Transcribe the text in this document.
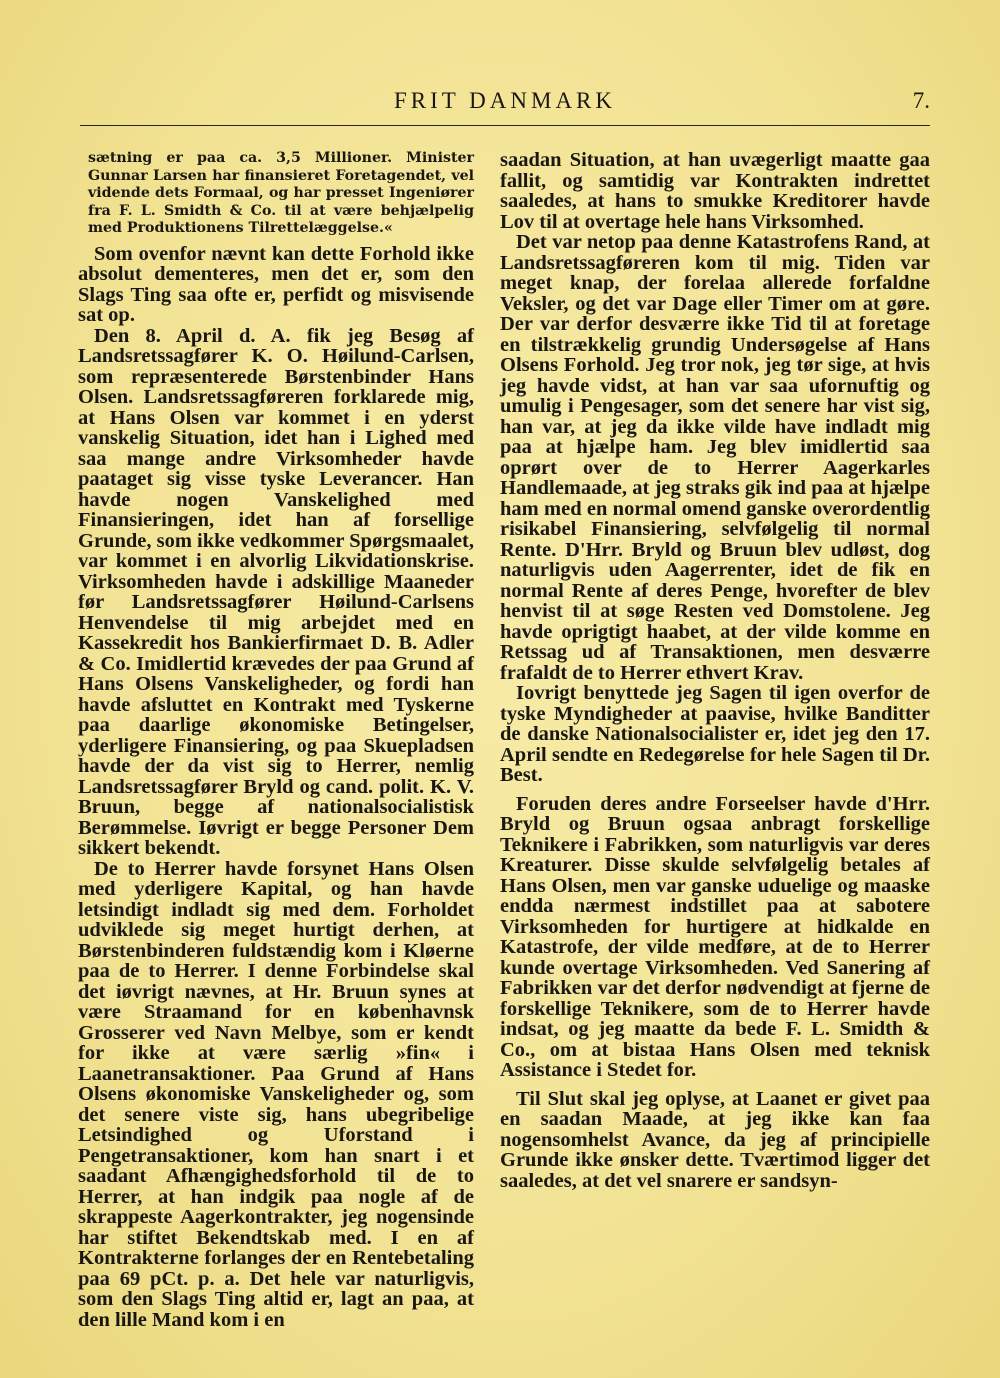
FRIT DANMARK	7.
sætning er paa ca. 3,5 Millioner. Minister Gunnar Larsen har finansieret Foretagendet, vel vidende dets Formaal, og har presset Ingeniører fra F. L. Smidth & Co. til at være behjælpelig med Produktionens Tilrettelæggelse.«

Som ovenfor nævnt kan dette Forhold ikke absolut dementeres, men det er, som den Slags Ting saa ofte er, perfidt og misvisende sat op.

Den 8. April d. A. fik jeg Besøg af Landsretssagfører K. O. Høilund-Carlsen, som repræsenterede Børstenbinder Hans Olsen. Landsretssagføreren forklarede mig, at Hans Olsen var kommet i en yderst vanskelig Situation, idet han i Lighed med saa mange andre Virksomheder havde paataget sig visse tyske Leverancer. Han havde nogen Vanskelighed med Finansieringen, idet han af forsellige Grunde, som ikke vedkommer Spørgsmaalet, var kommet i en alvorlig Likvidationskrise. Virksomheden havde i adskillige Maaneder før Landsretssagfører Høilund-Carlsens Henvendelse til mig arbejdet med en Kassekredit hos Bankierfirmaet D. B. Adler & Co. Imidlertid krævedes der paa Grund af Hans Olsens Vanskeligheder, og fordi han havde afsluttet en Kontrakt med Tyskerne paa daarlige økonomiske Betingelser, yderligere Finansiering, og paa Skuepladsen havde der da vist sig to Herrer, nemlig Landsretssagfører Bryld og cand. polit. K. V. Bruun, begge af nationalsocialistisk Berømmelse. Iøvrigt er begge Personer Dem sikkert bekendt.

De to Herrer havde forsynet Hans Olsen med yderligere Kapital, og han havde letsindigt indladt sig med dem. Forholdet udviklede sig meget hurtigt derhen, at Børstenbinderen fuldstændig kom i Kløerne paa de to Herrer. I denne Forbindelse skal det iøvrigt nævnes, at Hr. Bruun synes at være Straamand for en københavnsk Grosserer ved Navn Melbye, som er kendt for ikke at være særlig »fin« i Laanetransaktioner. Paa Grund af Hans Olsens økonomiske Vanskeligheder og, som det senere viste sig, hans ubegribelige Letsindighed og Uforstand i Pengetransaktioner, kom han snart i et saadant Afhængighedsforhold til de to Herrer, at han indgik paa nogle af de skrappeste Aagerkontrakter, jeg nogensinde har stiftet Bekendtskab med. I en af Kontrakterne forlanges der en Rentebetaling paa 69 pCt. p. a. Det hele var naturligvis, som den Slags Ting altid er, lagt an paa, at den lille Mand kom i en

saadan Situation, at han uvægerligt maatte gaa fallit, og samtidig var Kontrakten indrettet saaledes, at hans to smukke Kreditorer havde Lov til at overtage hele hans Virksomhed.

Det var netop paa denne Katastrofens Rand, at Landsretssagføreren kom til mig. Tiden var meget knap, der forelaa allerede forfaldne Veksler, og det var Dage eller Timer om at gøre. Der var derfor desværre ikke Tid til at foretage en tilstrækkelig grundig Undersøgelse af Hans Olsens Forhold. Jeg tror nok, jeg tør sige, at hvis jeg havde vidst, at han var saa ufornuftig og umulig i Pengesager, som det senere har vist sig, han var, at jeg da ikke vilde have indladt mig paa at hjælpe ham. Jeg blev imidlertid saa oprørt over de to Herrer Aagerkarles Handlemaade, at jeg straks gik ind paa at hjælpe ham med en normal omend ganske overordentlig risikabel Finansiering, selvfølgelig til normal Rente. D'Hrr. Bryld og Bruun blev udløst, dog naturligvis uden Aagerrenter, idet de fik en normal Rente af deres Penge, hvorefter de blev henvist til at søge Resten ved Domstolene. Jeg havde oprigtigt haabet, at der vilde komme en Retssag ud af Transaktionen, men desværre frafaldt de to Herrer ethvert Krav.

Iovrigt benyttede jeg Sagen til igen overfor de tyske Myndigheder at paavise, hvilke Banditter de danske Nationalsocialister er, idet jeg den 17. April sendte en Redegørelse for hele Sagen til Dr. Best.

Foruden deres andre Forseelser havde d'Hrr. Bryld og Bruun ogsaa anbragt forskellige Teknikere i Fabrikken, som naturligvis var deres Kreaturer. Disse skulde selvfølgelig betales af Hans Olsen, men var ganske uduelige og maaske endda nærmest indstillet paa at sabotere Virksomheden for hurtigere at hidkalde en Katastrofe, der vilde medføre, at de to Herrer kunde overtage Virksomheden. Ved Sanering af Fabrikken var det derfor nødvendigt at fjerne de forskellige Teknikere, som de to Herrer havde indsat, og jeg maatte da bede F. L. Smidth & Co., om at bistaa Hans Olsen med teknisk Assistance i Stedet for.

Til Slut skal jeg oplyse, at Laanet er givet paa en saadan Maade, at jeg ikke kan faa nogensomhelst Avance, da jeg af principielle Grunde ikke ønsker dette. Tværtimod ligger det saaledes, at det vel snarere er sandsyn-
